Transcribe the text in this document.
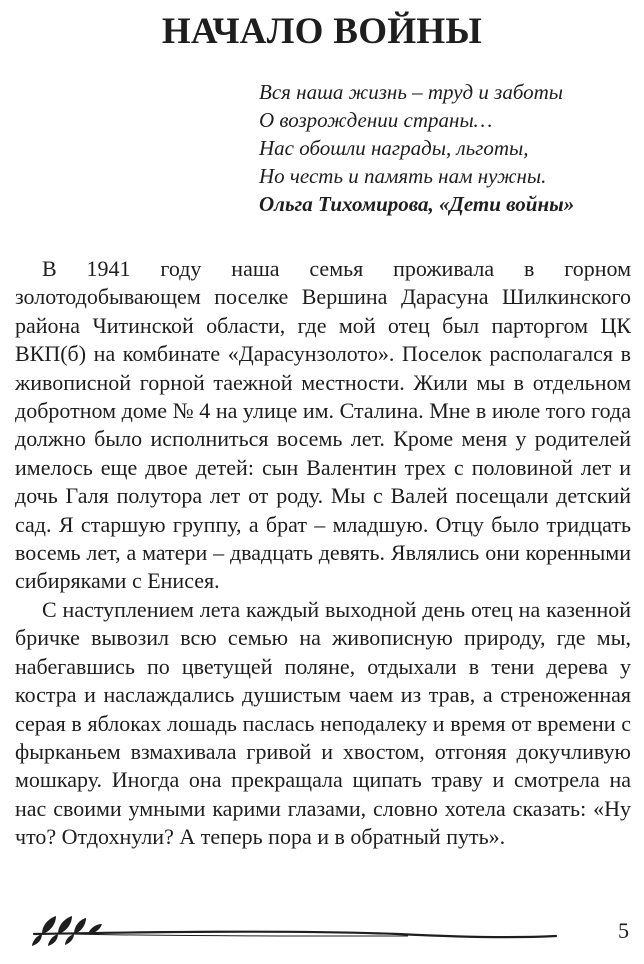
НАЧАЛО ВОЙНЫ
Вся наша жизнь – труд и заботы
О возрождении страны…
Нас обошли награды, льготы,
Но честь и память нам нужны.
Ольга Тихомирова, «Дети войны»

В 1941 году наша семья проживала в горном золотодобывающем поселке Вершина Дарасуна Шилкинского района Читинской области, где мой отец был парторгом ЦК ВКП(б) на комбинате «Дарасунзолото». Поселок располагался в живописной горной таежной местности. Жили мы в отдельном добротном доме № 4 на улице им. Сталина. Мне в июле того года должно было исполниться восемь лет. Кроме меня у родителей имелось еще двое детей: сын Валентин трех с половиной лет и дочь Галя полутора лет от роду. Мы с Валей посещали детский сад. Я старшую группу, а брат – младшую. Отцу было тридцать восемь лет, а матери – двадцать девять. Являлись они коренными сибиряками с Енисея.

С наступлением лета каждый выходной день отец на казенной бричке вывозил всю семью на живописную природу, где мы, набегавшись по цветущей поляне, отдыхали в тени дерева у костра и наслаждались душистым чаем из трав, а стреноженная серая в яблоках лошадь паслась неподалеку и время от времени с фырканьем взмахивала гривой и хвостом, отгоняя докучливую мошкару. Иногда она прекращала щипать траву и смотрела на нас своими умными карими глазами, словно хотела сказать: «Ну что? Отдохнули? А теперь пора и в обратный путь».

5
